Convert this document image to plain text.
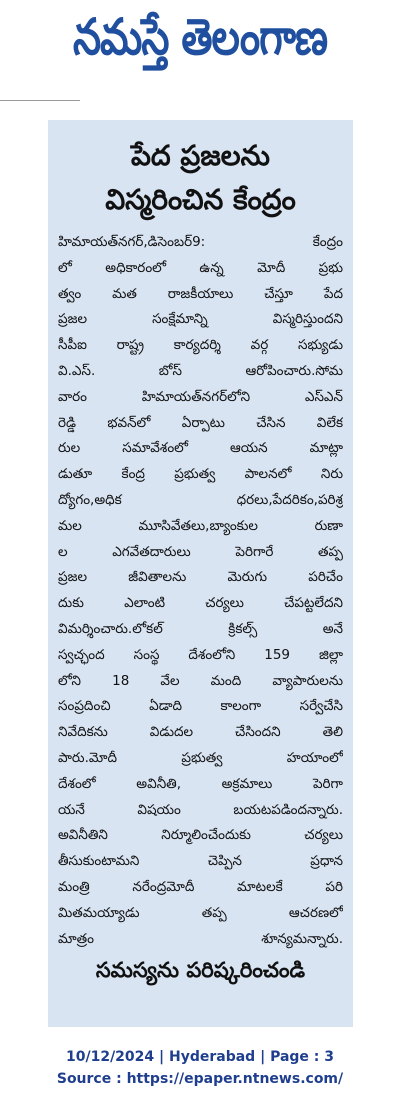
నమస్తే తెలంగాణ
పేద ప్రజలను
విస్మరించిన కేంద్రం
హిమాయత్‌నగర్,డిసెంబర్9: కేంద్రం
లో అధికారంలో ఉన్న మోదీ ప్రభు
త్వం మత రాజకీయాలు చేస్తూ పేద
ప్రజల సంక్షేమాన్ని విస్మరిస్తుందని
సీపీఐ రాష్ట్ర కార్యదర్శి వర్గ సభ్యుడు
వి.ఎస్. బోస్ ఆరోపించారు.సోమ
వారం హిమాయత్‌నగర్‌లోని ఎస్‌ఎన్
రెడ్డి భవన్‌లో ఏర్పాటు చేసిన విలేక
రుల సమావేశంలో ఆయన మాట్లా
డుతూ కేంద్ర ప్రభుత్వ పాలనలో నిరు
ద్యోగం,అధిక ధరలు,పేదరికం,పరిశ్ర
మల మూసివేతలు,బ్యాంకుల రుణా
ల ఎగవేతదారులు పెరిగారే తప్ప
ప్రజల జీవితాలను మెరుగు పరిచేం
దుకు ఎలాంటి చర్యలు చేపట్టలేదని
విమర్శించారు.లోకల్ క్రికల్స్ అనే
స్వచ్ఛంద సంస్థ దేశంలోని 159 జిల్లా
లోని 18 వేల మంది వ్యాపారులను
సంప్రదించి ఏడాది కాలంగా సర్వేచేసి
నివేదికను విడుదల చేసిందని తెలి
పారు.మోదీ ప్రభుత్వ హయాంలో
దేశంలో అవినీతి, అక్రమాలు పెరిగా
యనే విషయం బయటపడిందన్నారు.
అవినీతిని నిర్మూలించేందుకు చర్యలు
తీసుకుంటామని చెప్పిన ప్రధాన
మంత్రి నరేంద్రమోదీ మాటలకే పరి
మితమయ్యాడు తప్ప ఆచరణలో
మాత్రం శూన్యమన్నారు.
సమస్యను పరిష్కరించండి
10/12/2024 | Hyderabad | Page : 3
Source : https://epaper.ntnews.com/
